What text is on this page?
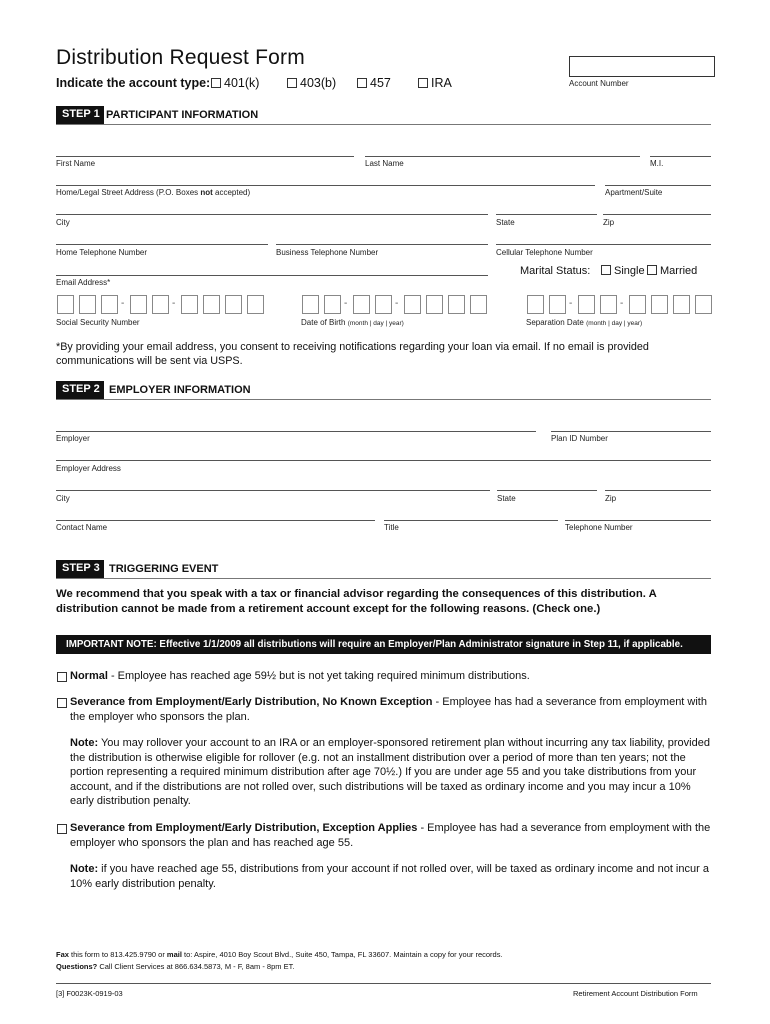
Distribution Request Form
Indicate the account type:	401(k)	403(b)	457	IRA	Account Number
STEP 1 PARTICIPANT INFORMATION
First Name	Last Name	M.I.
Home/Legal Street Address (P.O. Boxes not accepted)	Apartment/Suite
City	State	Zip
Home Telephone Number	Business Telephone Number	Cellular Telephone Number
Email Address*
Marital Status:	Single	Married
-	-
Social Security Number
-	-
Date of Birth (month | day | year)
-	-
Separation Date (month | day | year)
*By providing your email address, you consent to receiving notifications regarding your loan via email. If no email is provided communications will be sent via USPS.
STEP 2 EMPLOYER INFORMATION
Employer	Plan ID Number
Employer Address
City	State	Zip
Contact Name	Title	Telephone Number
STEP 3 TRIGGERING EVENT
We recommend that you speak with a tax or financial advisor regarding the consequences of this distribution. A distribution cannot be made from a retirement account except for the following reasons. (Check one.)
IMPORTANT NOTE: Effective 1/1/2009 all distributions will require an Employer/Plan Administrator signature in Step 11, if applicable.
Normal - Employee has reached age 59½ but is not yet taking required minimum distributions.
Severance from Employment/Early Distribution, No Known Exception - Employee has had a severance from employment with the employer who sponsors the plan.
Note: You may rollover your account to an IRA or an employer-sponsored retirement plan without incurring any tax liability, provided the distribution is otherwise eligible for rollover (e.g. not an installment distribution over a period of more than ten years; not the portion representing a required minimum distribution after age 70½.) If you are under age 55 and you take distributions from your account, and if the distributions are not rolled over, such distributions will be taxed as ordinary income and you may incur a 10% early distribution penalty.
Severance from Employment/Early Distribution, Exception Applies - Employee has had a severance from employment with the employer who sponsors the plan and has reached age 55.
Note: if you have reached age 55, distributions from your account if not rolled over, will be taxed as ordinary income and not incur a 10% early distribution penalty.
Fax this form to 813.425.9790 or mail to: Aspire, 4010 Boy Scout Blvd., Suite 450, Tampa, FL 33607. Maintain a copy for your records.
Questions? Call Client Services at 866.634.5873, M - F, 8am - 8pm ET.
[3] F0023K-0919-03	Retirement Account Distribution Form
